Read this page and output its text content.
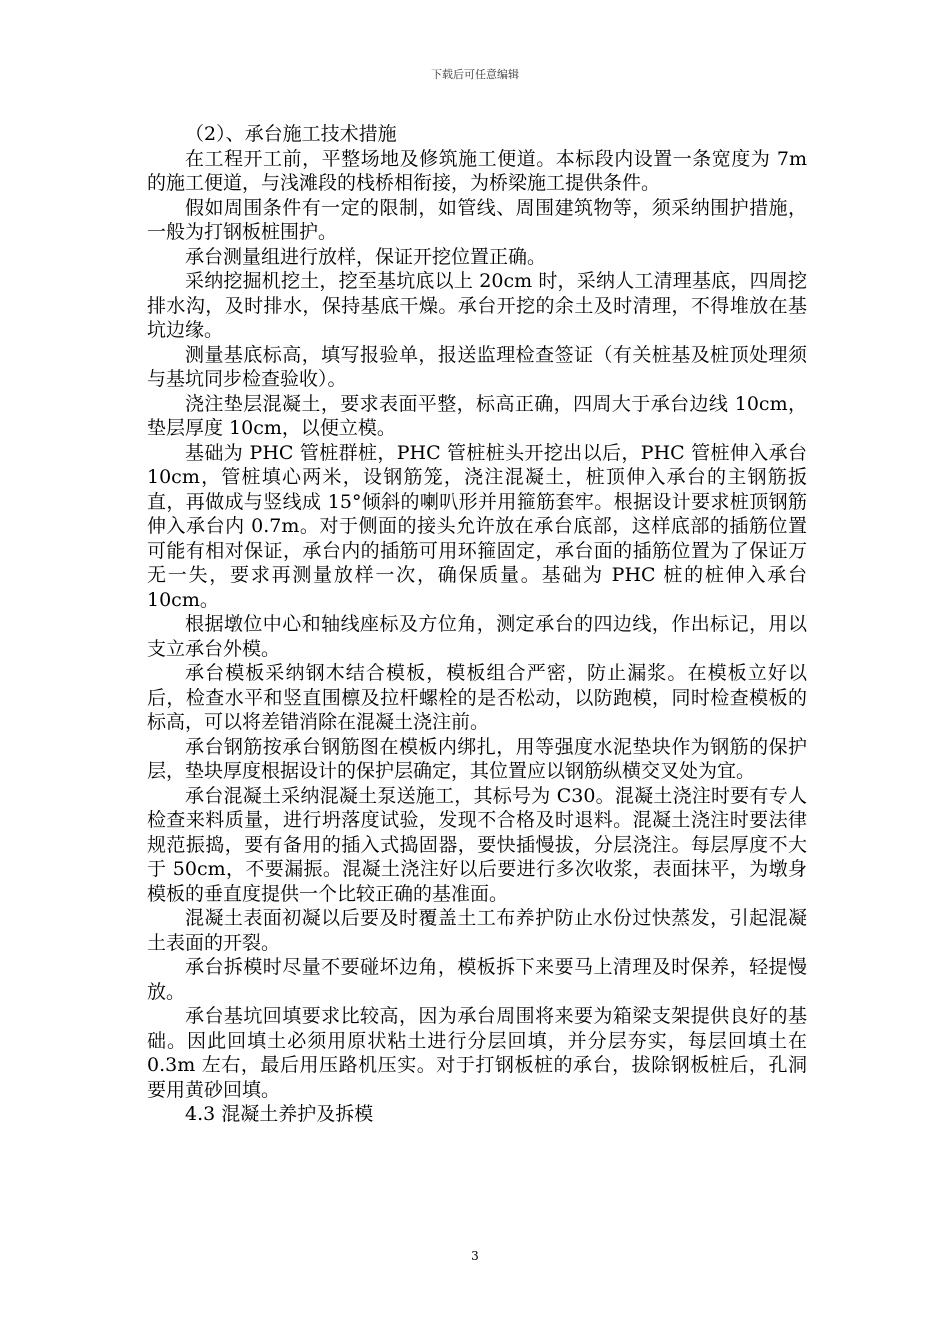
下载后可任意编辑

（2）、承台施工技术措施

在工程开工前，平整场地及修筑施工便道。本标段内设置一条宽度为 7m 的施工便道，与浅滩段的栈桥相衔接，为桥梁施工提供条件。

假如周围条件有一定的限制，如管线、周围建筑物等，须采纳围护措施，一般为打钢板桩围护。

承台测量组进行放样，保证开挖位置正确。

采纳挖掘机挖土，挖至基坑底以上 20cm 时，采纳人工清理基底，四周挖排水沟，及时排水，保持基底干燥。承台开挖的余土及时清理，不得堆放在基坑边缘。

测量基底标高，填写报验单，报送监理检查签证（有关桩基及桩顶处理须与基坑同步检查验收）。

浇注垫层混凝土，要求表面平整，标高正确，四周大于承台边线 10cm，垫层厚度 10cm，以便立模。

基础为 PHC 管桩群桩，PHC 管桩桩头开挖出以后，PHC 管桩伸入承台 10cm，管桩填心两米，设钢筋笼，浇注混凝土，桩顶伸入承台的主钢筋扳直，再做成与竖线成 15°倾斜的喇叭形并用箍筋套牢。根据设计要求桩顶钢筋伸入承台内 0.7m。对于侧面的接头允许放在承台底部，这样底部的插筋位置可能有相对保证，承台内的插筋可用环箍固定，承台面的插筋位置为了保证万无一失，要求再测量放样一次，确保质量。基础为 PHC 桩的桩伸入承台 10cm。

根据墩位中心和轴线座标及方位角，测定承台的四边线，作出标记，用以支立承台外模。

承台模板采纳钢木结合模板，模板组合严密，防止漏浆。在模板立好以后，检查水平和竖直围檩及拉杆螺栓的是否松动，以防跑模，同时检查模板的标高，可以将差错消除在混凝土浇注前。

承台钢筋按承台钢筋图在模板内绑扎，用等强度水泥垫块作为钢筋的保护层，垫块厚度根据设计的保护层确定，其位置应以钢筋纵横交叉处为宜。

承台混凝土采纳混凝土泵送施工，其标号为 C30。混凝土浇注时要有专人检查来料质量，进行坍落度试验，发现不合格及时退料。混凝土浇注时要法律规范振捣，要有备用的插入式捣固器，要快插慢拔，分层浇注。每层厚度不大于 50cm，不要漏振。混凝土浇注好以后要进行多次收浆，表面抹平，为墩身模板的垂直度提供一个比较正确的基准面。

混凝土表面初凝以后要及时覆盖土工布养护防止水份过快蒸发，引起混凝土表面的开裂。

承台拆模时尽量不要碰坏边角，模板拆下来要马上清理及时保养，轻提慢放。

承台基坑回填要求比较高，因为承台周围将来要为箱梁支架提供良好的基础。因此回填土必须用原状粘土进行分层回填，并分层夯实，每层回填土在 0.3m 左右，最后用压路机压实。对于打钢板桩的承台，拔除钢板桩后，孔洞要用黄砂回填。

4.3 混凝土养护及拆模

3
